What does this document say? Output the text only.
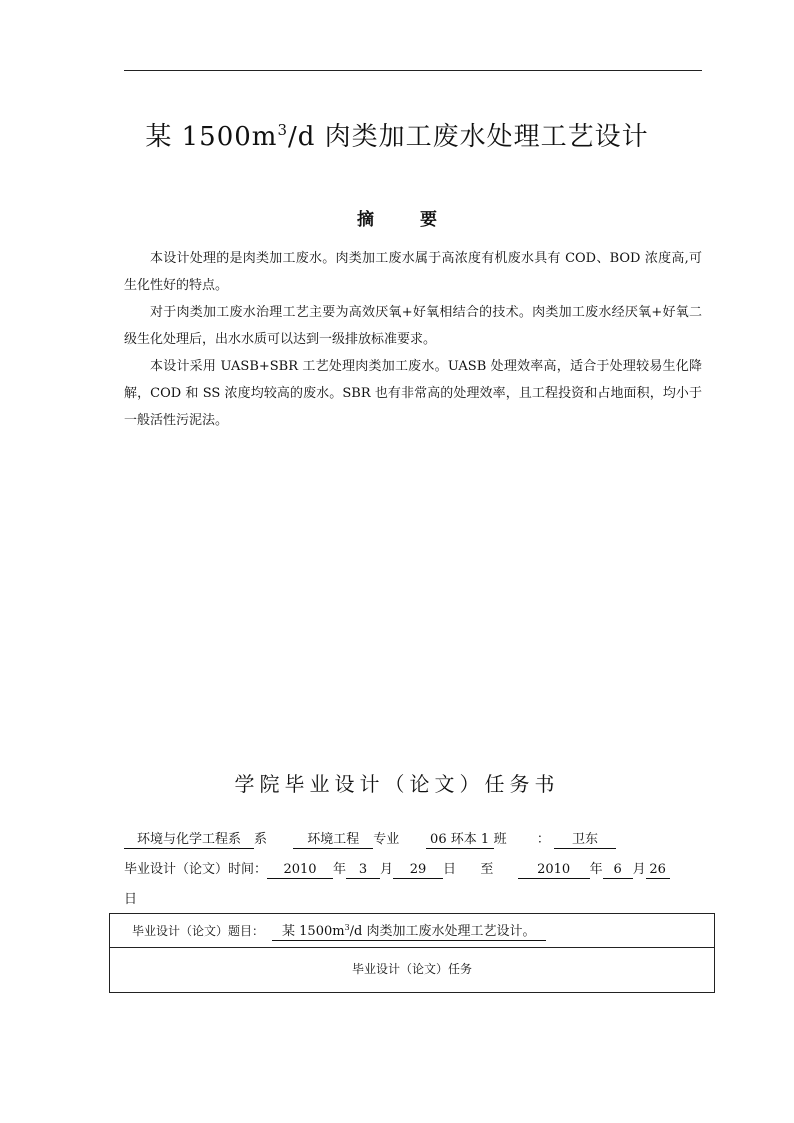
某 $1500m^3/d$ 肉类加工废水处理工艺设计
摘 要

本设计处理的是肉类加工废水。肉类加工废水属于高浓度有机废水具有 COD、BOD 浓度高,可生化性好的特点。

对于肉类加工废水治理工艺主要为高效厌氧+好氧相结合的技术。肉类加工废水经厌氧+好氧二级生化处理后，出水水质可以达到一级排放标准要求。

本设计采用 UASB+SBR 工艺处理肉类加工废水。UASB 处理效率高，适合于处理较易生化降解，COD 和 SS 浓度均较高的废水。SBR 也有非常高的处理效率，且工程投资和占地面积，均小于一般活性污泥法。

学院毕业设计（论文）任务书
环境与化学工程系 系	环境工程 专业 06 环本 1 班 ： 卫东
毕业设计（论文）时间： 2010 年 3 月 29 日 至	2010 年 6 月 26
日
毕业设计（论文）题目： 某 $1500m^3/d$ 肉类加工废水处理工艺设计。
毕业设计（论文）任务
